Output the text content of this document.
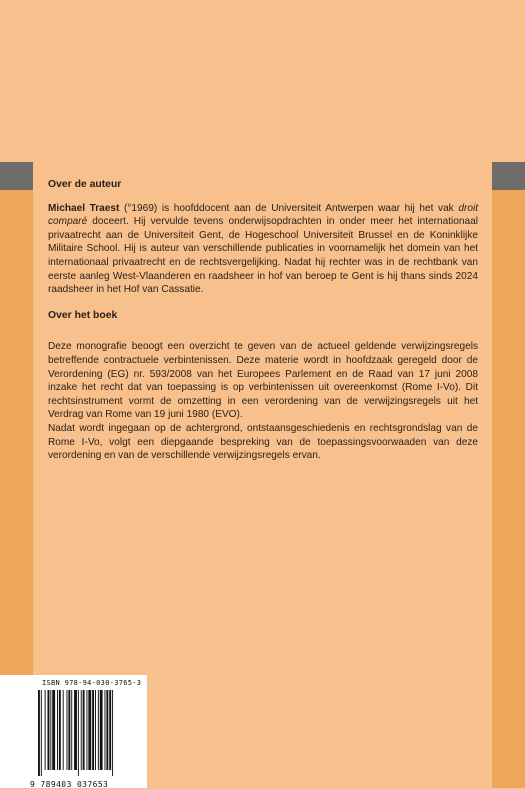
Over de auteur

Michael Traest (°1969) is hoofddocent aan de Universiteit Antwerpen waar hij het vak droit comparé doceert. Hij vervulde tevens onderwijsopdrachten in onder meer het internationaal privaatrecht aan de Universiteit Gent, de Hogeschool Universiteit Brussel en de Koninklijke Militaire School. Hij is auteur van verschillende publicaties in voornamelijk het domein van het internationaal privaatrecht en de rechtsvergelijking. Nadat hij rechter was in de rechtbank van eerste aanleg West-Vlaanderen en raadsheer in hof van beroep te Gent is hij thans sinds 2024 raadsheer in het Hof van Cassatie.

Over het boek

Deze monografie beoogt een overzicht te geven van de actueel geldende verwijzingsregels betreffende contractuele verbintenissen. Deze materie wordt in hoofdzaak geregeld door de Verordening (EG) nr. 593/2008 van het Europees Parlement en de Raad van 17 juni 2008 inzake het recht dat van toepassing is op verbintenissen uit overeenkomst (Rome I-Vo). Dit rechtsinstrument vormt de omzetting in een verordening van de verwijzingsregels uit het Verdrag van Rome van 19 juni 1980 (EVO).

Nadat wordt ingegaan op de achtergrond, ontstaansgeschiedenis en rechtsgrondslag van de Rome I-Vo, volgt een diepgaande bespreking van de toepassingsvoorwaaden van deze verordening en van de verschillende verwijzingsregels ervan.

ISBN 978-94-030-3765-3
9 789403 037653
